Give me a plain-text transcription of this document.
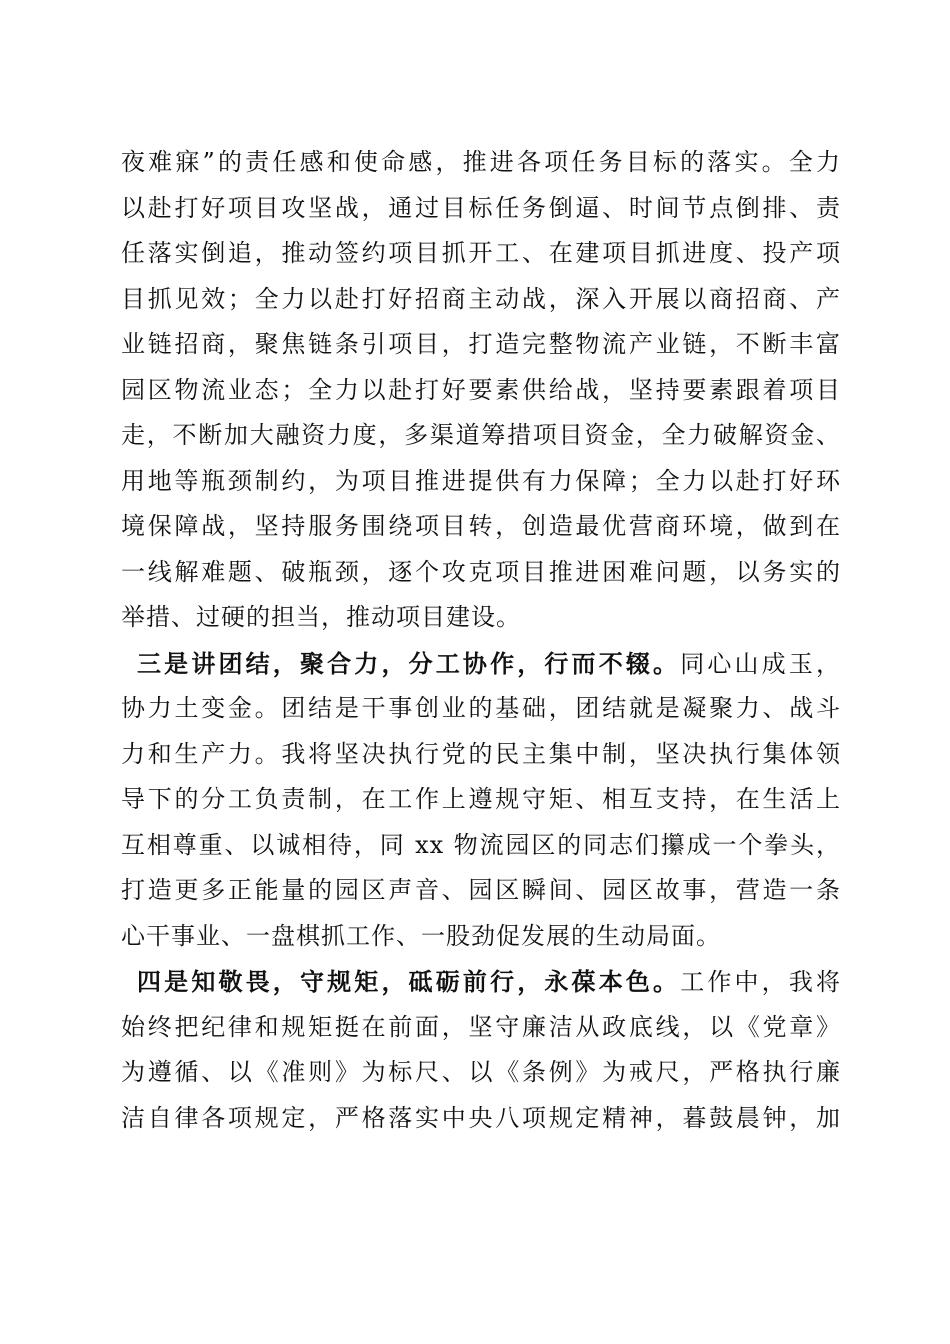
夜难寐”的责任感和使命感，推进各项任务目标的落实。全力
以赴打好项目攻坚战，通过目标任务倒逼、时间节点倒排、责
任落实倒追，推动签约项目抓开工、在建项目抓进度、投产项
目抓见效；全力以赴打好招商主动战，深入开展以商招商、产
业链招商，聚焦链条引项目，打造完整物流产业链，不断丰富
园区物流业态；全力以赴打好要素供给战，坚持要素跟着项目
走，不断加大融资力度，多渠道筹措项目资金，全力破解资金、
用地等瓶颈制约，为项目推进提供有力保障；全力以赴打好环
境保障战，坚持服务围绕项目转，创造最优营商环境，做到在
一线解难题、破瓶颈，逐个攻克项目推进困难问题，以务实的
举措、过硬的担当，推动项目建设。
三是讲团结，聚合力，分工协作，行而不辍。同心山成玉，
协力土变金。团结是干事创业的基础，团结就是凝聚力、战斗
力和生产力。我将坚决执行党的民主集中制，坚决执行集体领
导下的分工负责制，在工作上遵规守矩、相互支持，在生活上
互相尊重、以诚相待，同 xx 物流园区的同志们攥成一个拳头，
打造更多正能量的园区声音、园区瞬间、园区故事，营造一条
心干事业、一盘棋抓工作、一股劲促发展的生动局面。
四是知敬畏，守规矩，砥砺前行，永葆本色。工作中，我将
始终把纪律和规矩挺在前面，坚守廉洁从政底线，以《党章》
为遵循、以《准则》为标尺、以《条例》为戒尺，严格执行廉
洁自律各项规定，严格落实中央八项规定精神，暮鼓晨钟，加
